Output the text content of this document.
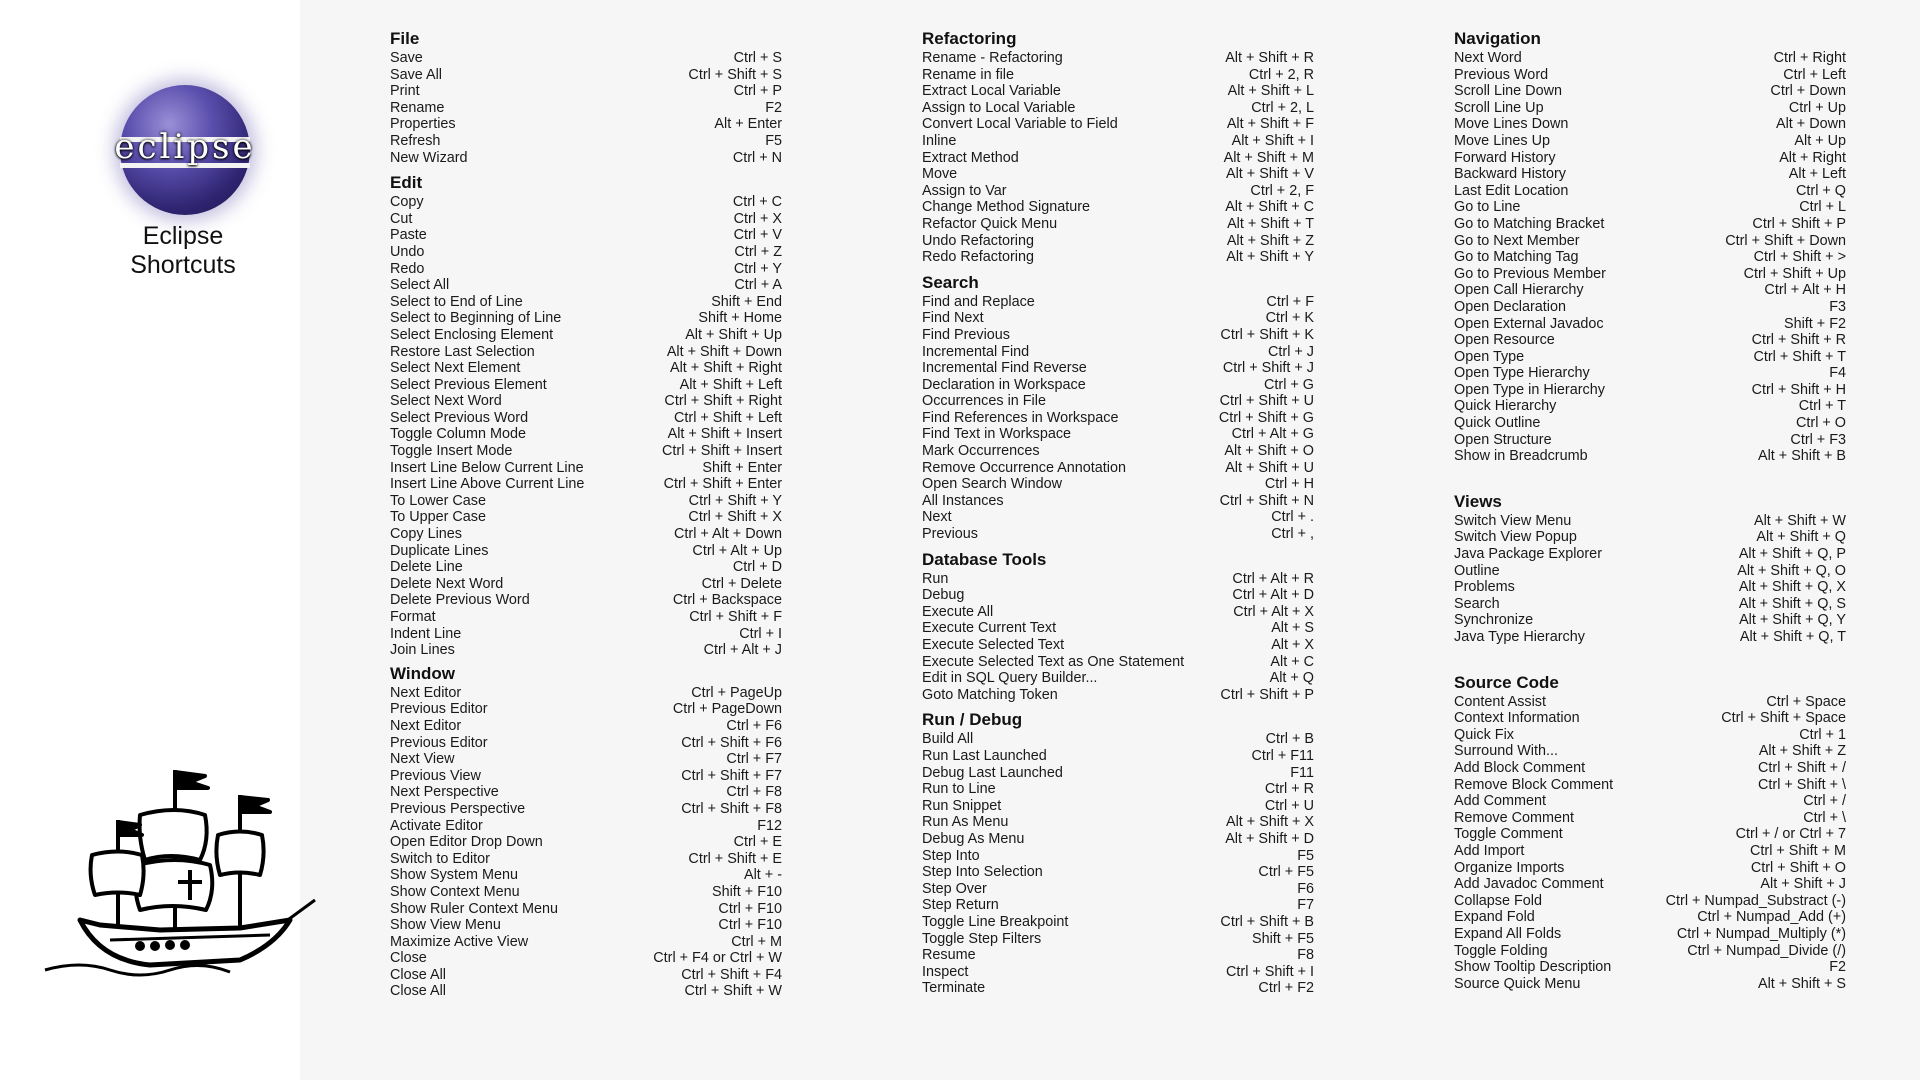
eclipse
Eclipse
Shortcuts
File
Save	Ctrl + S
Save All	Ctrl + Shift + S
Print	Ctrl + P
Rename	F2
Properties	Alt + Enter
Refresh	F5
New Wizard	Ctrl + N
Edit
Copy	Ctrl + C
Cut	Ctrl + X
Paste	Ctrl + V
Undo	Ctrl + Z
Redo	Ctrl + Y
Select All	Ctrl + A
Select to End of Line	Shift + End
Select to Beginning of Line	Shift + Home
Select Enclosing Element	Alt + Shift + Up
Restore Last Selection	Alt + Shift + Down
Select Next Element	Alt + Shift + Right
Select Previous Element	Alt + Shift + Left
Select Next Word	Ctrl + Shift + Right
Select Previous Word	Ctrl + Shift + Left
Toggle Column Mode	Alt + Shift + Insert
Toggle Insert Mode	Ctrl + Shift + Insert
Insert Line Below Current Line	Shift + Enter
Insert Line Above Current Line	Ctrl + Shift + Enter
To Lower Case	Ctrl + Shift + Y
To Upper Case	Ctrl + Shift + X
Copy Lines	Ctrl + Alt + Down
Duplicate Lines	Ctrl + Alt + Up
Delete Line	Ctrl + D
Delete Next Word	Ctrl + Delete
Delete Previous Word	Ctrl + Backspace
Format	Ctrl + Shift + F
Indent Line	Ctrl + I
Join Lines	Ctrl + Alt + J
Window
Next Editor	Ctrl + PageUp
Previous Editor	Ctrl + PageDown
Next Editor	Ctrl + F6
Previous Editor	Ctrl + Shift + F6
Next View	Ctrl + F7
Previous View	Ctrl + Shift + F7
Next Perspective	Ctrl + F8
Previous Perspective	Ctrl + Shift + F8
Activate Editor	F12
Open Editor Drop Down	Ctrl + E
Switch to Editor	Ctrl + Shift + E
Show System Menu	Alt + -
Show Context Menu	Shift + F10
Show Ruler Context Menu	Ctrl + F10
Show View Menu	Ctrl + F10
Maximize Active View	Ctrl + M
Close	Ctrl + F4 or Ctrl + W
Close All	Ctrl + Shift + F4
Close All	Ctrl + Shift + W
Refactoring
Rename - Refactoring	Alt + Shift + R
Rename in file	Ctrl + 2, R
Extract Local Variable	Alt + Shift + L
Assign to Local Variable	Ctrl + 2, L
Convert Local Variable to Field	Alt + Shift + F
Inline	Alt + Shift + I
Extract Method	Alt + Shift + M
Move	Alt + Shift + V
Assign to Var	Ctrl + 2, F
Change Method Signature	Alt + Shift + C
Refactor Quick Menu	Alt + Shift + T
Undo Refactoring	Alt + Shift + Z
Redo Refactoring	Alt + Shift + Y
Search
Find and Replace	Ctrl + F
Find Next	Ctrl + K
Find Previous	Ctrl + Shift + K
Incremental Find	Ctrl + J
Incremental Find Reverse	Ctrl + Shift + J
Declaration in Workspace	Ctrl + G
Occurrences in File	Ctrl + Shift + U
Find References in Workspace	Ctrl + Shift + G
Find Text in Workspace	Ctrl + Alt + G
Mark Occurrences	Alt + Shift + O
Remove Occurrence Annotation	Alt + Shift + U
Open Search Window	Ctrl + H
All Instances	Ctrl + Shift + N
Next	Ctrl + .
Previous	Ctrl + ,
Database Tools
Run	Ctrl + Alt + R
Debug	Ctrl + Alt + D
Execute All	Ctrl + Alt + X
Execute Current Text	Alt + S
Execute Selected Text	Alt + X
Execute Selected Text as One Statement	Alt + C
Edit in SQL Query Builder...	Alt + Q
Goto Matching Token	Ctrl + Shift + P
Run / Debug
Build All	Ctrl + B
Run Last Launched	Ctrl + F11
Debug Last Launched	F11
Run to Line	Ctrl + R
Run Snippet	Ctrl + U
Run As Menu	Alt + Shift + X
Debug As Menu	Alt + Shift + D
Step Into	F5
Step Into Selection	Ctrl + F5
Step Over	F6
Step Return	F7
Toggle Line Breakpoint	Ctrl + Shift + B
Toggle Step Filters	Shift + F5
Resume	F8
Inspect	Ctrl + Shift + I
Terminate	Ctrl + F2
Navigation
Next Word	Ctrl + Right
Previous Word	Ctrl + Left
Scroll Line Down	Ctrl + Down
Scroll Line Up	Ctrl + Up
Move Lines Down	Alt + Down
Move Lines Up	Alt + Up
Forward History	Alt + Right
Backward History	Alt + Left
Last Edit Location	Ctrl + Q
Go to Line	Ctrl + L
Go to Matching Bracket	Ctrl + Shift + P
Go to Next Member	Ctrl + Shift + Down
Go to Matching Tag	Ctrl + Shift + >
Go to Previous Member	Ctrl + Shift + Up
Open Call Hierarchy	Ctrl + Alt + H
Open Declaration	F3
Open External Javadoc	Shift + F2
Open Resource	Ctrl + Shift + R
Open Type	Ctrl + Shift + T
Open Type Hierarchy	F4
Open Type in Hierarchy	Ctrl + Shift + H
Quick Hierarchy	Ctrl + T
Quick Outline	Ctrl + O
Open Structure	Ctrl + F3
Show in Breadcrumb	Alt + Shift + B
Views
Switch View Menu	Alt + Shift + W
Switch View Popup	Alt + Shift + Q
Java Package Explorer	Alt + Shift + Q, P
Outline	Alt + Shift + Q, O
Problems	Alt + Shift + Q, X
Search	Alt + Shift + Q, S
Synchronize	Alt + Shift + Q, Y
Java Type Hierarchy	Alt + Shift + Q, T
Source Code
Content Assist	Ctrl + Space
Context Information	Ctrl + Shift + Space
Quick Fix	Ctrl + 1
Surround With...	Alt + Shift + Z
Add Block Comment	Ctrl + Shift + /
Remove Block Comment	Ctrl + Shift + \
Add Comment	Ctrl + /
Remove Comment	Ctrl + \
Toggle Comment	Ctrl + / or Ctrl + 7
Add Import	Ctrl + Shift + M
Organize Imports	Ctrl + Shift + O
Add Javadoc Comment	Alt + Shift + J
Collapse Fold	Ctrl + Numpad_Substract (-)
Expand Fold	Ctrl + Numpad_Add (+)
Expand All Folds	Ctrl + Numpad_Multiply (*)
Toggle Folding	Ctrl + Numpad_Divide (/)
Show Tooltip Description	F2
Source Quick Menu	Alt + Shift + S
